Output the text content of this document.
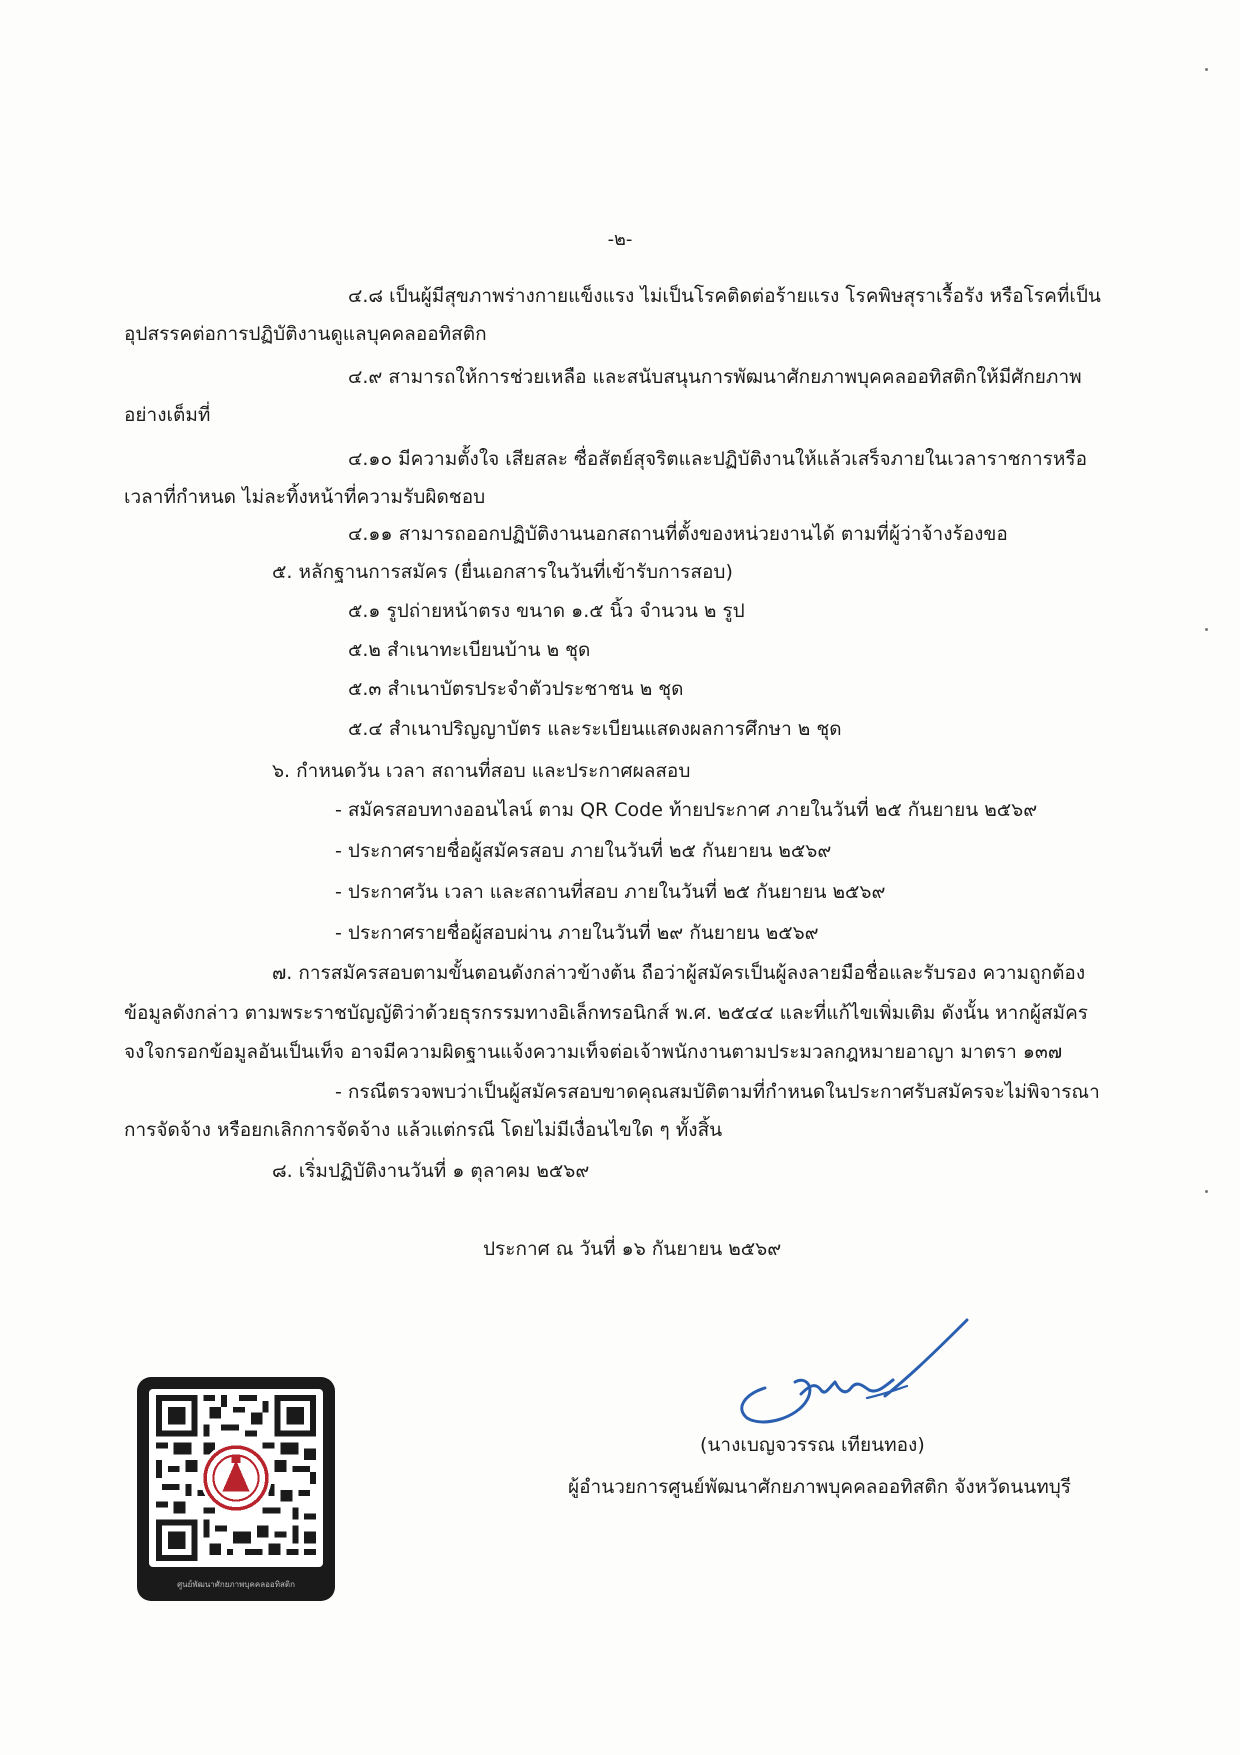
-๒-
๔.๘ เป็นผู้มีสุขภาพร่างกายแข็งแรง ไม่เป็นโรคติดต่อร้ายแรง โรคพิษสุราเรื้อรัง หรือโรคที่เป็น
อุปสรรคต่อการปฏิบัติงานดูแลบุคคลออทิสติก
๔.๙ สามารถให้การช่วยเหลือ และสนับสนุนการพัฒนาศักยภาพบุคคลออทิสติกให้มีศักยภาพ
อย่างเต็มที่
๔.๑๐ มีความตั้งใจ เสียสละ ซื่อสัตย์สุจริตและปฏิบัติงานให้แล้วเสร็จภายในเวลาราชการหรือ
เวลาที่กำหนด ไม่ละทิ้งหน้าที่ความรับผิดชอบ
๔.๑๑ สามารถออกปฏิบัติงานนอกสถานที่ตั้งของหน่วยงานได้ ตามที่ผู้ว่าจ้างร้องขอ
๕. หลักฐานการสมัคร (ยื่นเอกสารในวันที่เข้ารับการสอบ)
๕.๑ รูปถ่ายหน้าตรง ขนาด ๑.๕ นิ้ว จำนวน ๒ รูป
๕.๒ สำเนาทะเบียนบ้าน ๒ ชุด
๕.๓ สำเนาบัตรประจำตัวประชาชน ๒ ชุด
๕.๔ สำเนาปริญญาบัตร และระเบียนแสดงผลการศึกษา ๒ ชุด
๖. กำหนดวัน เวลา สถานที่สอบ และประกาศผลสอบ
- สมัครสอบทางออนไลน์ ตาม QR Code ท้ายประกาศ ภายในวันที่ ๒๕ กันยายน ๒๕๖๙
- ประกาศรายชื่อผู้สมัครสอบ ภายในวันที่ ๒๕ กันยายน ๒๕๖๙
- ประกาศวัน เวลา และสถานที่สอบ ภายในวันที่ ๒๕ กันยายน ๒๕๖๙
- ประกาศรายชื่อผู้สอบผ่าน ภายในวันที่ ๒๙ กันยายน ๒๕๖๙
๗. การสมัครสอบตามขั้นตอนดังกล่าวข้างต้น ถือว่าผู้สมัครเป็นผู้ลงลายมือชื่อและรับรอง ความถูกต้อง
ข้อมูลดังกล่าว ตามพระราชบัญญัติว่าด้วยธุรกรรมทางอิเล็กทรอนิกส์ พ.ศ. ๒๕๔๔ และที่แก้ไขเพิ่มเติม ดังนั้น หากผู้สมัคร
จงใจกรอกข้อมูลอันเป็นเท็จ อาจมีความผิดฐานแจ้งความเท็จต่อเจ้าพนักงานตามประมวลกฎหมายอาญา มาตรา ๑๓๗
- กรณีตรวจพบว่าเป็นผู้สมัครสอบขาดคุณสมบัติตามที่กำหนดในประกาศรับสมัครจะไม่พิจารณา
การจัดจ้าง หรือยกเลิกการจัดจ้าง แล้วแต่กรณี โดยไม่มีเงื่อนไขใด ๆ ทั้งสิ้น
๘. เริ่มปฏิบัติงานวันที่ ๑ ตุลาคม ๒๕๖๙
ประกาศ ณ วันที่ ๑๖ กันยายน ๒๕๖๙
(นางเบญจวรรณ เทียนทอง)
ผู้อำนวยการศูนย์พัฒนาศักยภาพบุคคลออทิสติก จังหวัดนนทบุรี
ศูนย์พัฒนาศักยภาพบุคคลออทิสติก
